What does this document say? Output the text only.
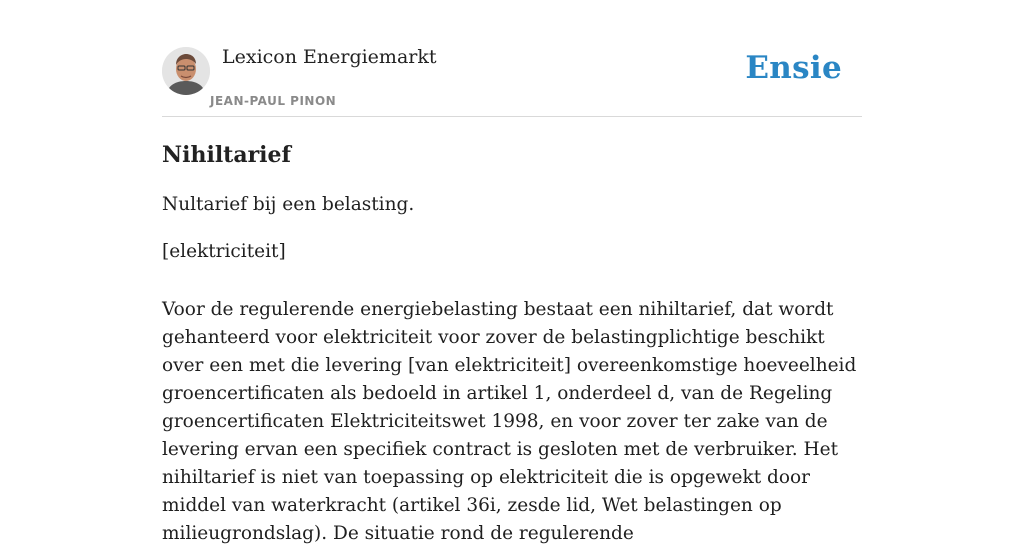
Lexicon Energiemarkt
JEAN-PAUL PINON
Ensie
Nihiltarief

Nultarief bij een belasting.

[elektriciteit]

Voor de regulerende energiebelasting bestaat een nihiltarief, dat wordt gehanteerd voor elektriciteit voor zover de belastingplichtige beschikt over een met die levering [van elektriciteit] overeenkomstige hoeveelheid groencertificaten als bedoeld in artikel 1, onderdeel d, van de Regeling groencertificaten Elektriciteitswet 1998, en voor zover ter zake van de levering ervan een specifiek contract is gesloten met de verbruiker. Het nihiltarief is niet van toepassing op elektriciteit die is opgewekt door middel van waterkracht (artikel 36i, zesde lid, Wet belastingen op milieugrondslag). De situatie rond de regulerende
